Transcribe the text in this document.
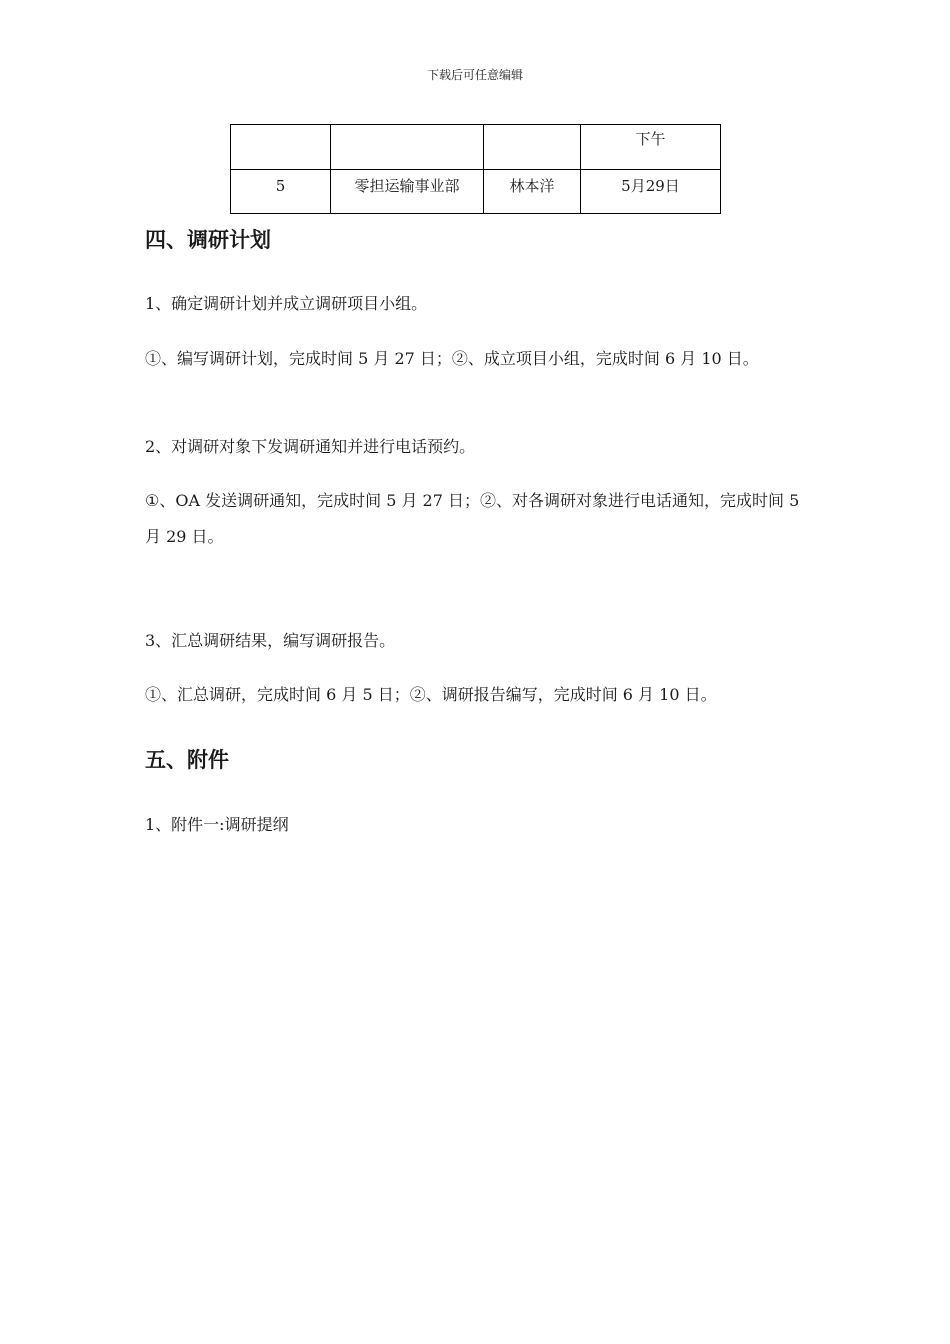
下载后可任意编辑
			下午
5	零担运输事业部	林本洋	5月29日
四、调研计划
1、确定调研计划并成立调研项目小组。
①、编写调研计划，完成时间 5 月 27 日；②、成立项目小组，完成时间 6 月 10 日。
2、对调研对象下发调研通知并进行电话预约。
①、OA 发送调研通知，完成时间 5 月 27 日；②、对各调研对象进行电话通知，完成时间 5 月 29 日。
3、汇总调研结果，编写调研报告。
①、汇总调研，完成时间 6 月 5 日；②、调研报告编写，完成时间 6 月 10 日。
五、附件
1、附件一:调研提纲
